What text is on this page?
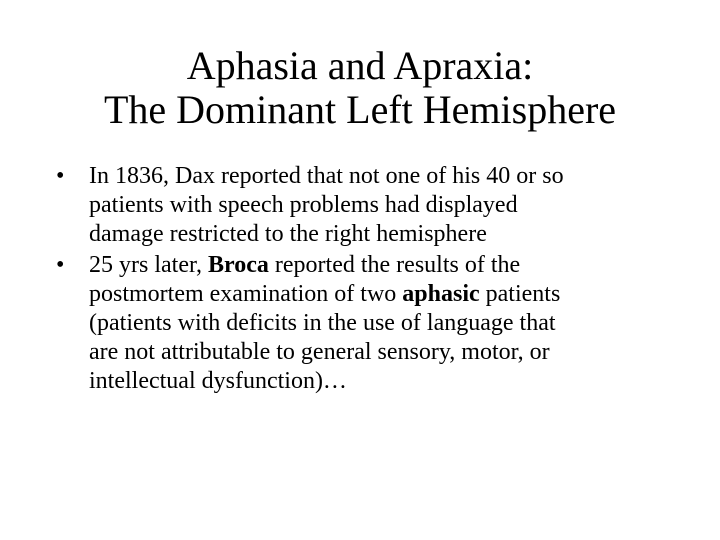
Aphasia and Apraxia:
The Dominant Left Hemisphere
• In 1836, Dax reported that not one of his 40 or so
patients with speech problems had displayed
damage restricted to the right hemisphere
• 25 yrs later, Broca reported the results of the
postmortem examination of two aphasic patients
(patients with deficits in the use of language that
are not attributable to general sensory, motor, or
intellectual dysfunction)…
